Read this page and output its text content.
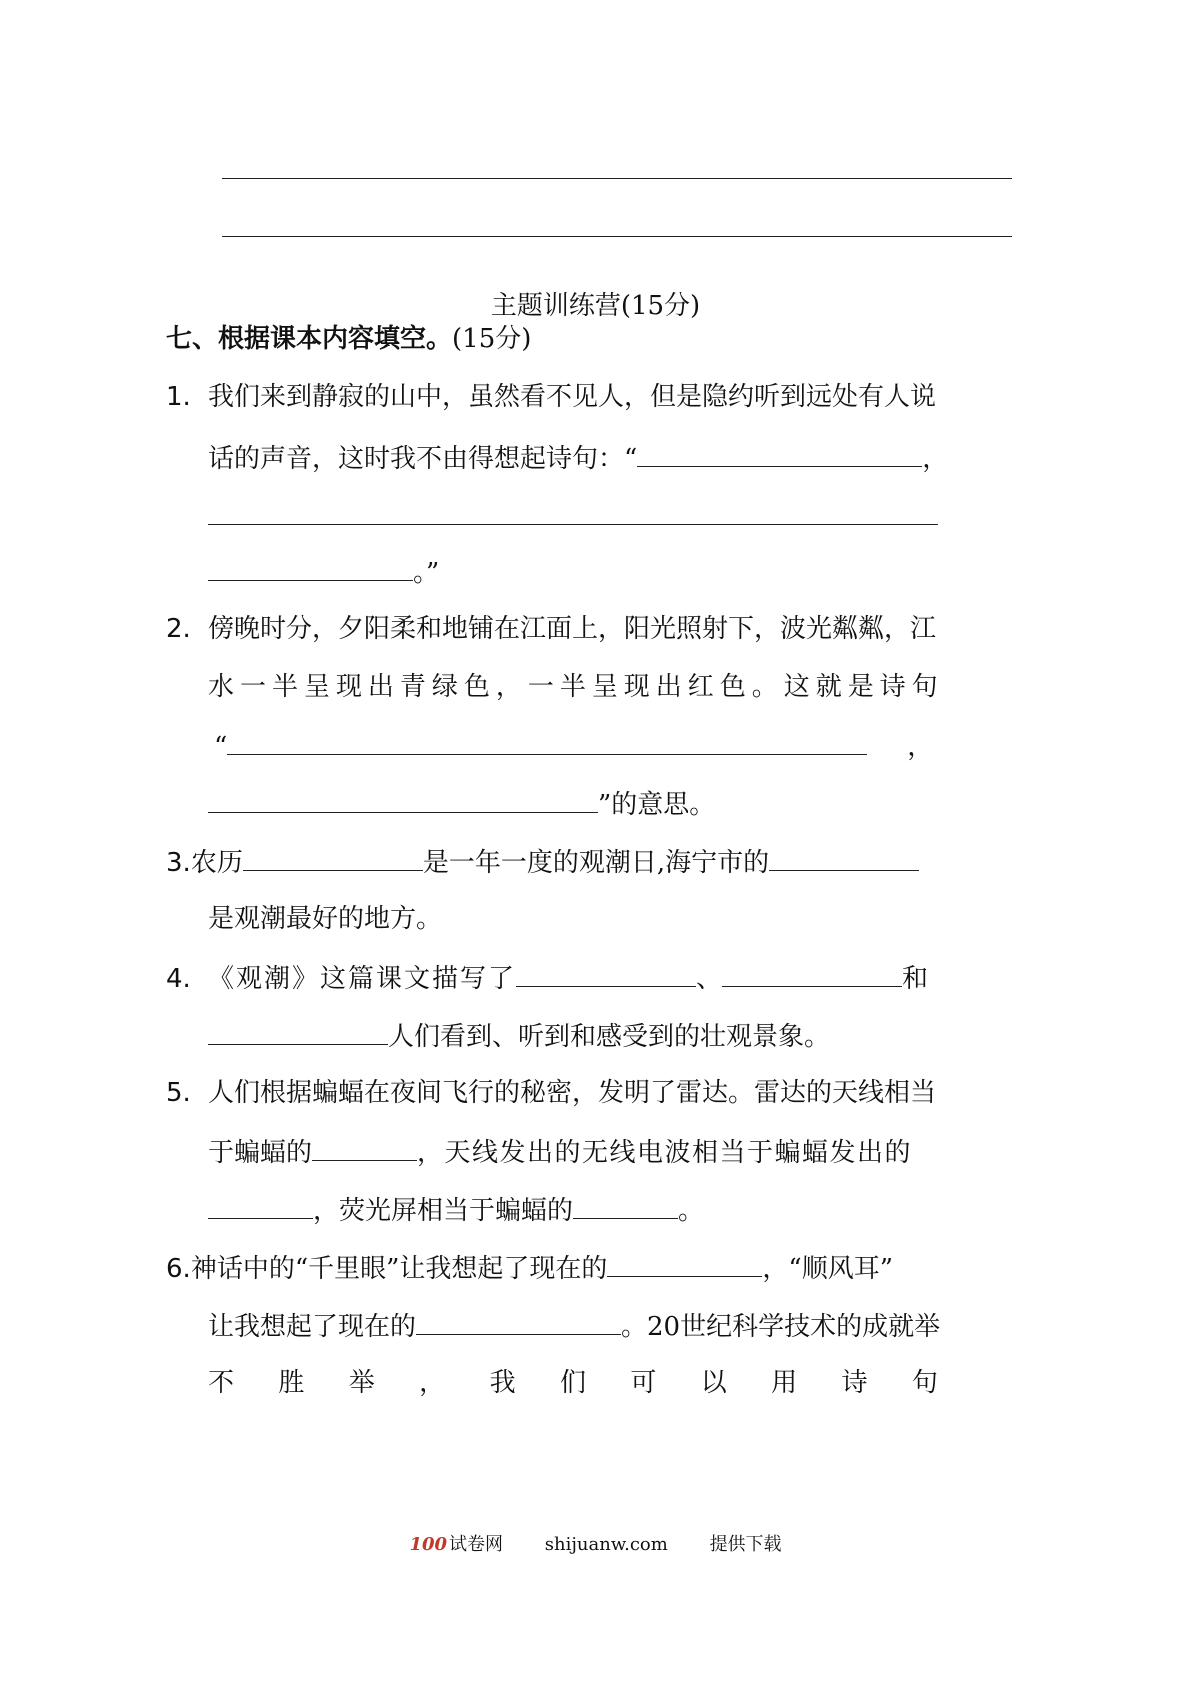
主题训练营(15分)
七、根据课本内容填空。(15分)
1. 我们来到静寂的山中，虽然看不见人，但是隐约听到远处有人说
话的声音，这时我不由得想起诗句：“	，
。”
2. 傍晚时分，夕阳柔和地铺在江面上，阳光照射下，波光粼粼，江
水 一 半 呈 现 出 青 绿 色 ， 一 半 呈 现 出 红 色 。 这 就 是 诗 句
“	，
”的意思。
3.农历	是一年一度的观潮日,海宁市的
是观潮最好的地方。
4. 《观潮》这篇课文描写了	、	和
人们看到、听到和感受到的壮观景象。
5. 人们根据蝙蝠在夜间飞行的秘密，发明了雷达。雷达的天线相当
于蝙蝠的	，天线发出的无线电波相当于蝙蝠发出的
，荧光屏相当于蝙蝠的	。
6.神话中的“千里眼”让我想起了现在的	，“顺风耳”
让我想起了现在的	。20世纪科学技术的成就举
不 胜 举 ， 我 们 可 以 用 诗 句
100 试卷网 shijuanw.com 提供下载
